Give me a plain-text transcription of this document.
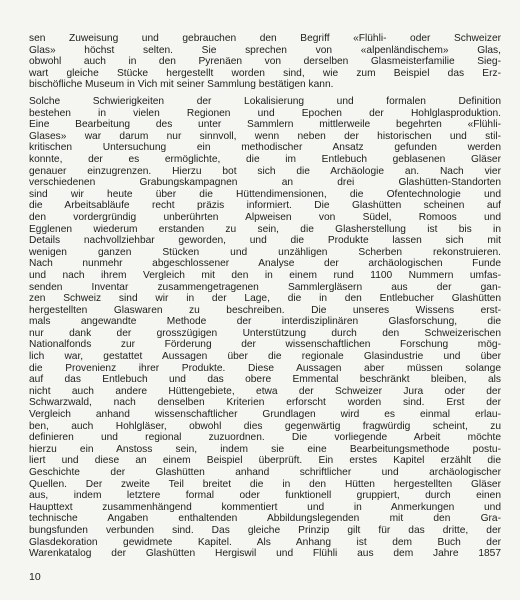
sen Zuweisung und gebrauchen den Begriff «Flühli- oder Schweizer
Glas» höchst selten. Sie sprechen von «alpenländischem» Glas,
obwohl auch in den Pyrenäen von derselben Glasmeisterfamilie Sieg-
wart gleiche Stücke hergestellt worden sind, wie zum Beispiel das Erz-
bischöfliche Museum in Vich mit seiner Sammlung bestätigen kann.
Solche Schwierigkeiten der Lokalisierung und formalen Definition
bestehen in vielen Regionen und Epochen der Hohlglasproduktion.
Eine Bearbeitung des unter Sammlern mittlerweile begehrten «Flühli-
Glases» war darum nur sinnvoll, wenn neben der historischen und stil-
kritischen Untersuchung ein methodischer Ansatz gefunden werden
konnte, der es ermöglichte, die im Entlebuch geblasenen Gläser
genauer einzugrenzen. Hierzu bot sich die Archäologie an. Nach vier
verschiedenen Grabungskampagnen an drei Glashütten-Standorten
sind wir heute über die Hüttendimensionen, die Ofentechnologie und
die Arbeitsabläufe recht präzis informiert. Die Glashütten scheinen auf
den vordergründig unberührten Alpweisen von Südel, Romoos und
Egglenen wiederum erstanden zu sein, die Glasherstellung ist bis in
Details nachvollziehbar geworden, und die Produkte lassen sich mit
wenigen ganzen Stücken und unzähligen Scherben rekonstruieren.
Nach nunmehr abgeschlossener Analyse der archäologischen Funde
und nach ihrem Vergleich mit den in einem rund 1100 Nummern umfas-
senden Inventar zusammengetragenen Sammlergläsern aus der gan-
zen Schweiz sind wir in der Lage, die in den Entlebucher Glashütten
hergestellten Glaswaren zu beschreiben. Die unseres Wissens erst-
mals angewandte Methode der interdisziplinären Glasforschung, die
nur dank der grosszügigen Unterstützung durch den Schweizerischen
Nationalfonds zur Förderung der wissenschaftlichen Forschung mög-
lich war, gestattet Aussagen über die regionale Glasindustrie und über
die Provenienz ihrer Produkte. Diese Aussagen aber müssen solange
auf das Entlebuch und das obere Emmental beschränkt bleiben, als
nicht auch andere Hüttengebiete, etwa der Schweizer Jura oder der
Schwarzwald, nach denselben Kriterien erforscht worden sind. Erst der
Vergleich anhand wissenschaftlicher Grundlagen wird es einmal erlau-
ben, auch Hohlgläser, obwohl dies gegenwärtig fragwürdig scheint, zu
definieren und regional zuzuordnen. Die vorliegende Arbeit möchte
hierzu ein Anstoss sein, indem sie eine Bearbeitungsmethode postu-
liert und diese an einem Beispiel überprüft. Ein erstes Kapitel erzählt die
Geschichte der Glashütten anhand schriftlicher und archäologischer
Quellen. Der zweite Teil breitet die in den Hütten hergestellten Gläser
aus, indem letztere formal oder funktionell gruppiert, durch einen
Haupttext zusammenhängend kommentiert und in Anmerkungen und
technische Angaben enthaltenden Abbildungslegenden mit den Gra-
bungsfunden verbunden sind. Das gleiche Prinzip gilt für das dritte, der
Glasdekoration gewidmete Kapitel. Als Anhang ist dem Buch der
Warenkatalog der Glashütten Hergiswil und Flühli aus dem Jahre 1857
10
